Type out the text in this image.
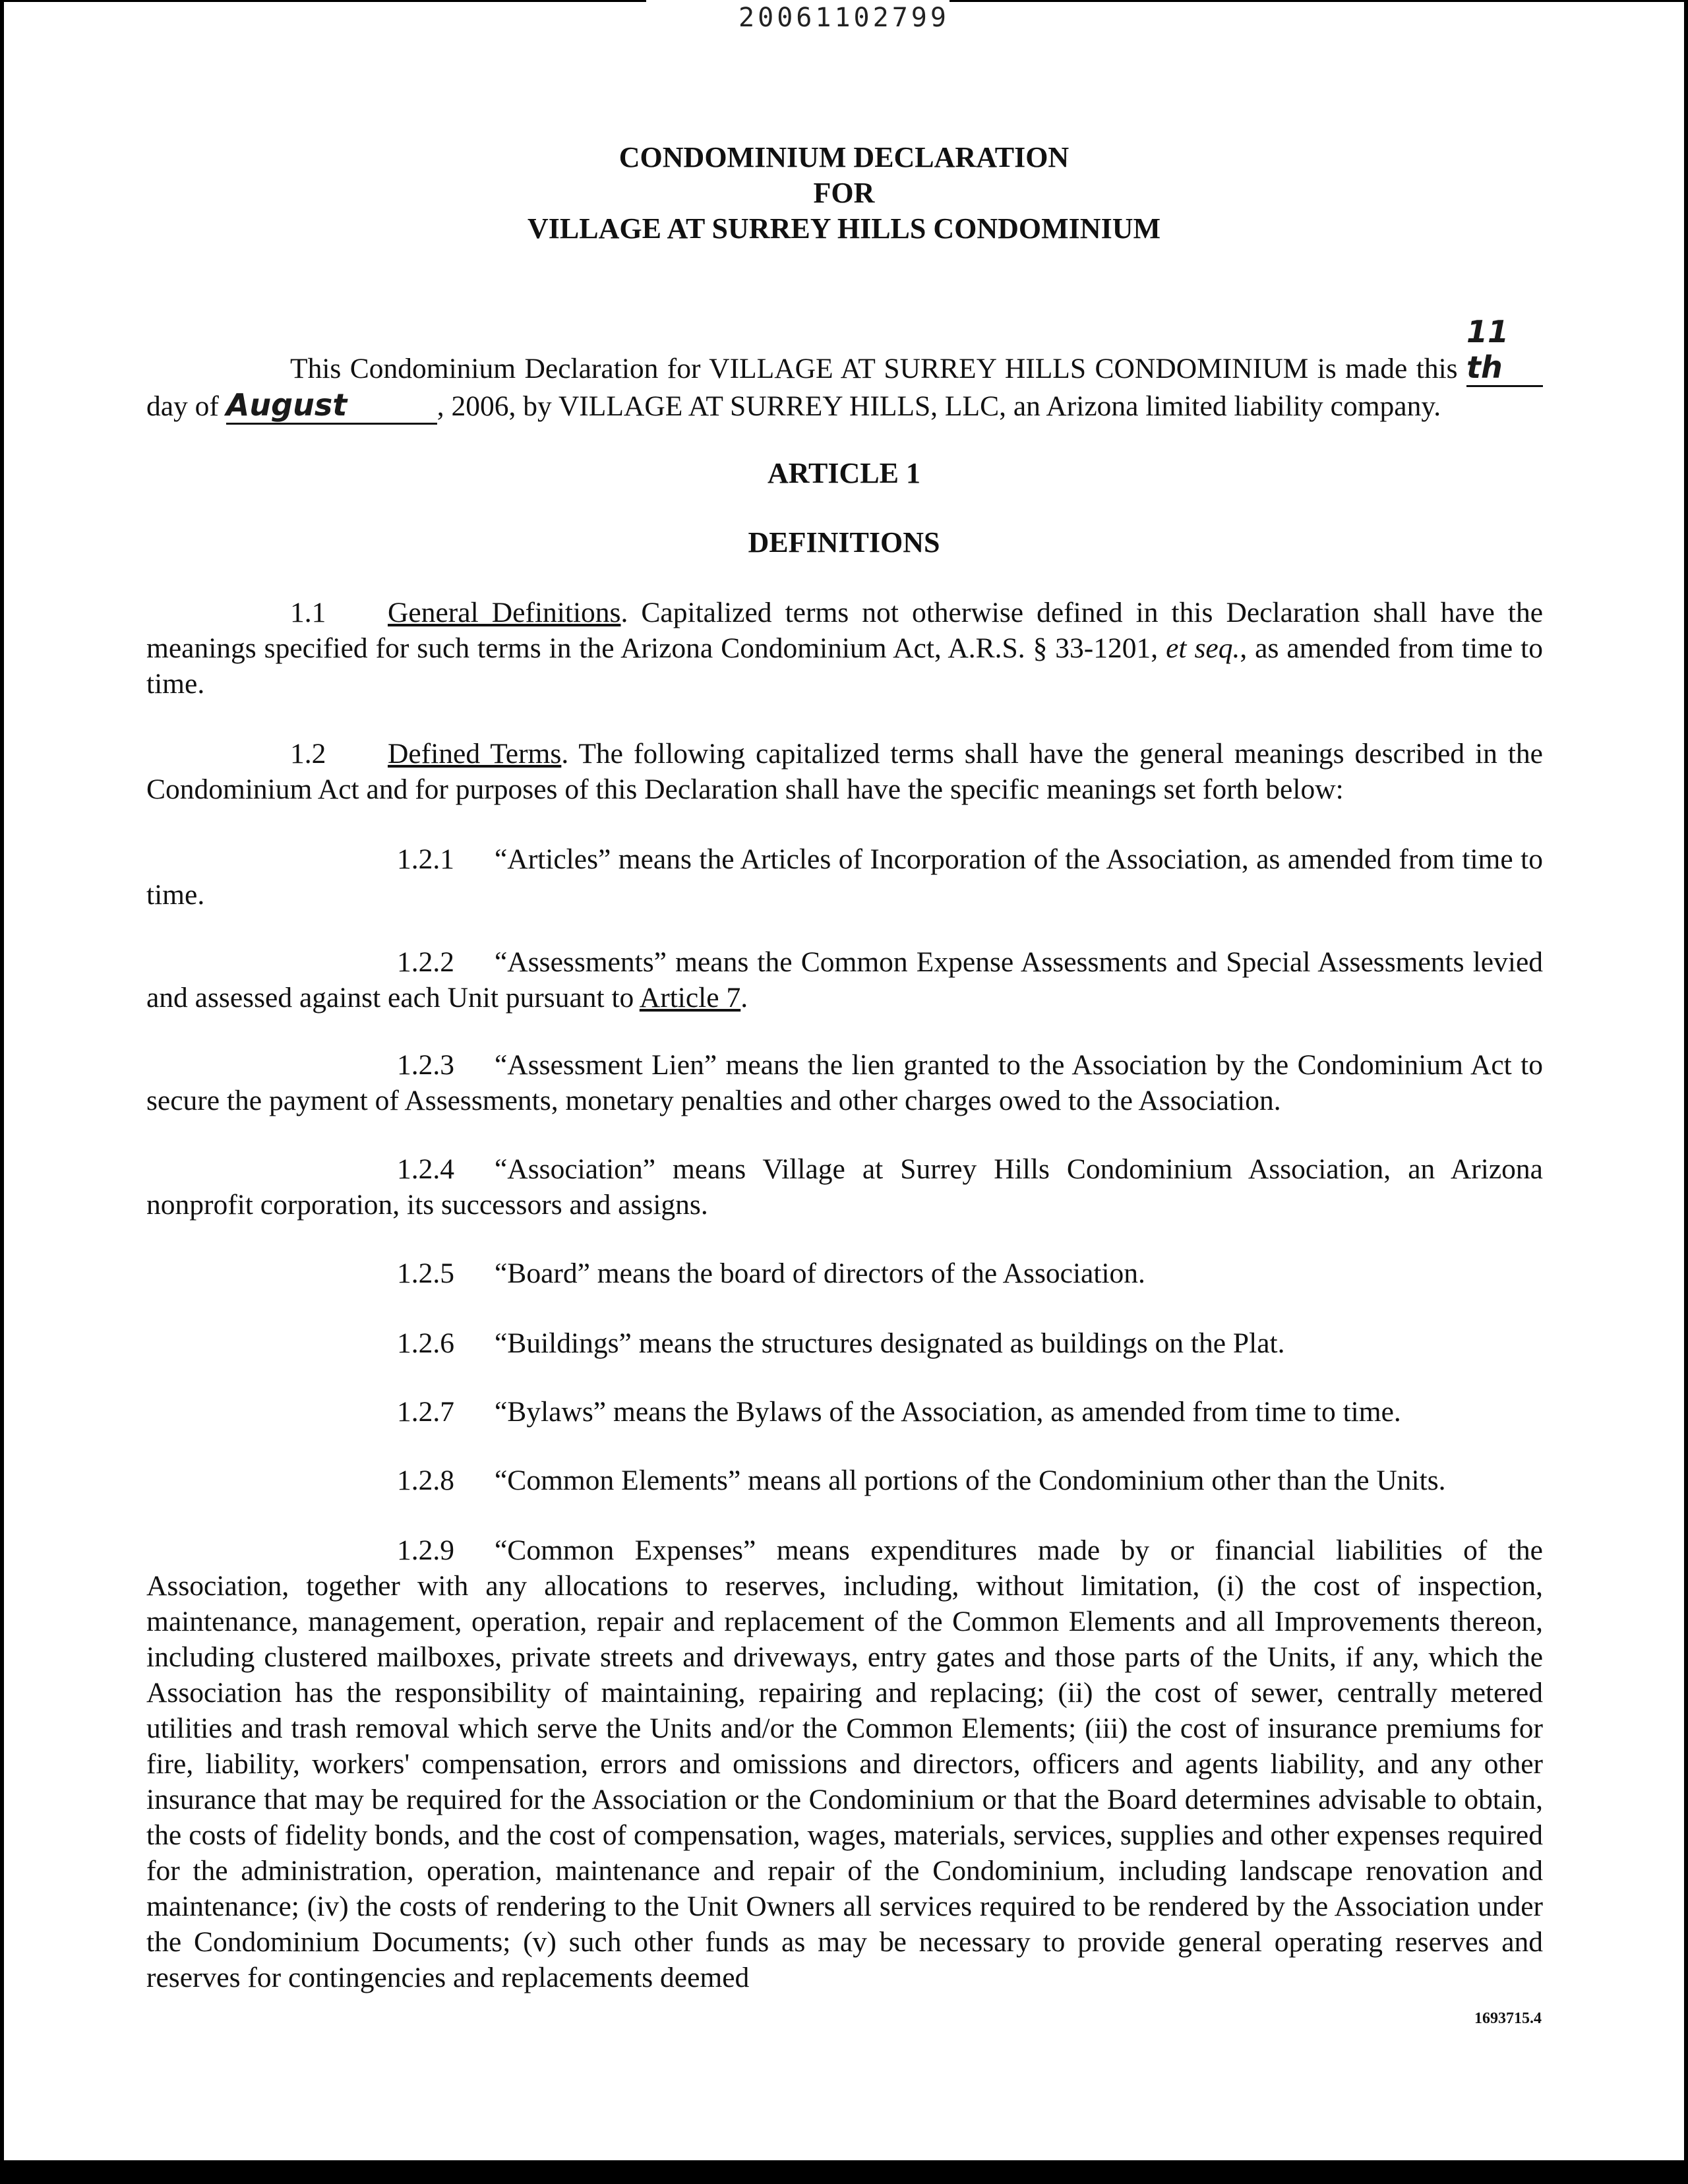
20061102799
CONDOMINIUM DECLARATION
FOR
VILLAGE AT SURREY HILLS CONDOMINIUM

This Condominium Declaration for VILLAGE AT SURREY HILLS CONDOMINIUM is made this 11 th day of August	, 2006, by VILLAGE AT SURREY HILLS, LLC, an Arizona limited liability company.

ARTICLE 1
DEFINITIONS

1.1 General Definitions. Capitalized terms not otherwise defined in this Declaration shall have the meanings specified for such terms in the Arizona Condominium Act, A.R.S. § 33-1201, et seq., as amended from time to time.

1.2 Defined Terms. The following capitalized terms shall have the general meanings described in the Condominium Act and for purposes of this Declaration shall have the specific meanings set forth below:

1.2.1 “Articles” means the Articles of Incorporation of the Association, as amended from time to time.

1.2.2 “Assessments” means the Common Expense Assessments and Special Assessments levied and assessed against each Unit pursuant to Article 7.

1.2.3 “Assessment Lien” means the lien granted to the Association by the Condominium Act to secure the payment of Assessments, monetary penalties and other charges owed to the Association.

1.2.4 “Association” means Village at Surrey Hills Condominium Association, an Arizona nonprofit corporation, its successors and assigns.

1.2.5 “Board” means the board of directors of the Association.

1.2.6 “Buildings” means the structures designated as buildings on the Plat.

1.2.7 “Bylaws” means the Bylaws of the Association, as amended from time to time.

1.2.8 “Common Elements” means all portions of the Condominium other than the Units.

1.2.9 “Common Expenses” means expenditures made by or financial liabilities of the Association, together with any allocations to reserves, including, without limitation, (i) the cost of inspection, maintenance, management, operation, repair and replacement of the Common Elements and all Improvements thereon, including clustered mailboxes, private streets and driveways, entry gates and those parts of the Units, if any, which the Association has the responsibility of maintaining, repairing and replacing; (ii) the cost of sewer, centrally metered utilities and trash removal which serve the Units and/or the Common Elements; (iii) the cost of insurance premiums for fire, liability, workers' compensation, errors and omissions and directors, officers and agents liability, and any other insurance that may be required for the Association or the Condominium or that the Board determines advisable to obtain, the costs of fidelity bonds, and the cost of compensation, wages, materials, services, supplies and other expenses required for the administration, operation, maintenance and repair of the Condominium, including landscape renovation and maintenance; (iv) the costs of rendering to the Unit Owners all services required to be rendered by the Association under the Condominium Documents; (v) such other funds as may be necessary to provide general operating reserves and reserves for contingencies and replacements deemed

1693715.4
